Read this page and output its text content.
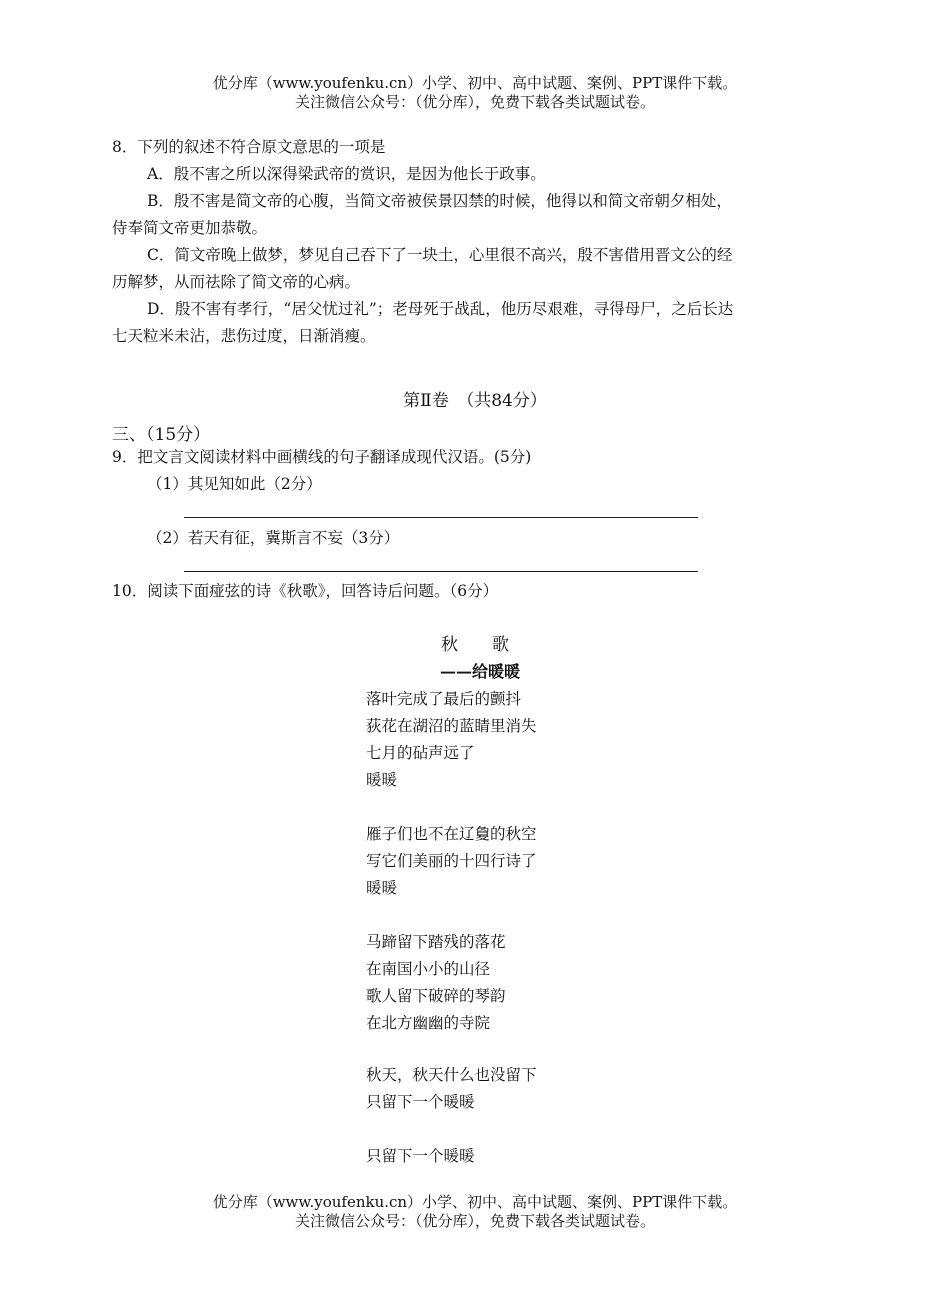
优分库（www.youfenku.cn）小学、初中、高中试题、案例、PPT课件下载。
关注微信公众号：（优分库），免费下载各类试题试卷。
8．下列的叙述不符合原文意思的一项是
A．殷不害之所以深得梁武帝的赏识，是因为他长于政事。
B．殷不害是简文帝的心腹，当简文帝被侯景囚禁的时候，他得以和简文帝朝夕相处，
侍奉简文帝更加恭敬。
C．简文帝晚上做梦，梦见自己吞下了一块土，心里很不高兴，殷不害借用晋文公的经
历解梦，从而祛除了简文帝的心病。
D．殷不害有孝行，“居父忧过礼”；老母死于战乱，他历尽艰难，寻得母尸，之后长达
七天粒米未沾，悲伤过度，日渐消瘦。
第Ⅱ卷　（共84分）
三、（15分）
9．把文言文阅读材料中画横线的句子翻译成现代汉语。(5分)
（1）其见知如此（2分）
（2）若天有征，冀斯言不妄（3分）
10．阅读下面痖弦的诗《秋歌》，回答诗后问题。（6分）
秋　　歌
——给暖暖
落叶完成了最后的颤抖
荻花在湖沼的蓝睛里消失
七月的砧声远了
暖暖
雁子们也不在辽敻的秋空
写它们美丽的十四行诗了
暖暖
马蹄留下踏残的落花
在南国小小的山径
歌人留下破碎的琴韵
在北方幽幽的寺院
秋天，秋天什么也没留下
只留下一个暖暖
只留下一个暖暖
优分库（www.youfenku.cn）小学、初中、高中试题、案例、PPT课件下载。
关注微信公众号：（优分库），免费下载各类试题试卷。
